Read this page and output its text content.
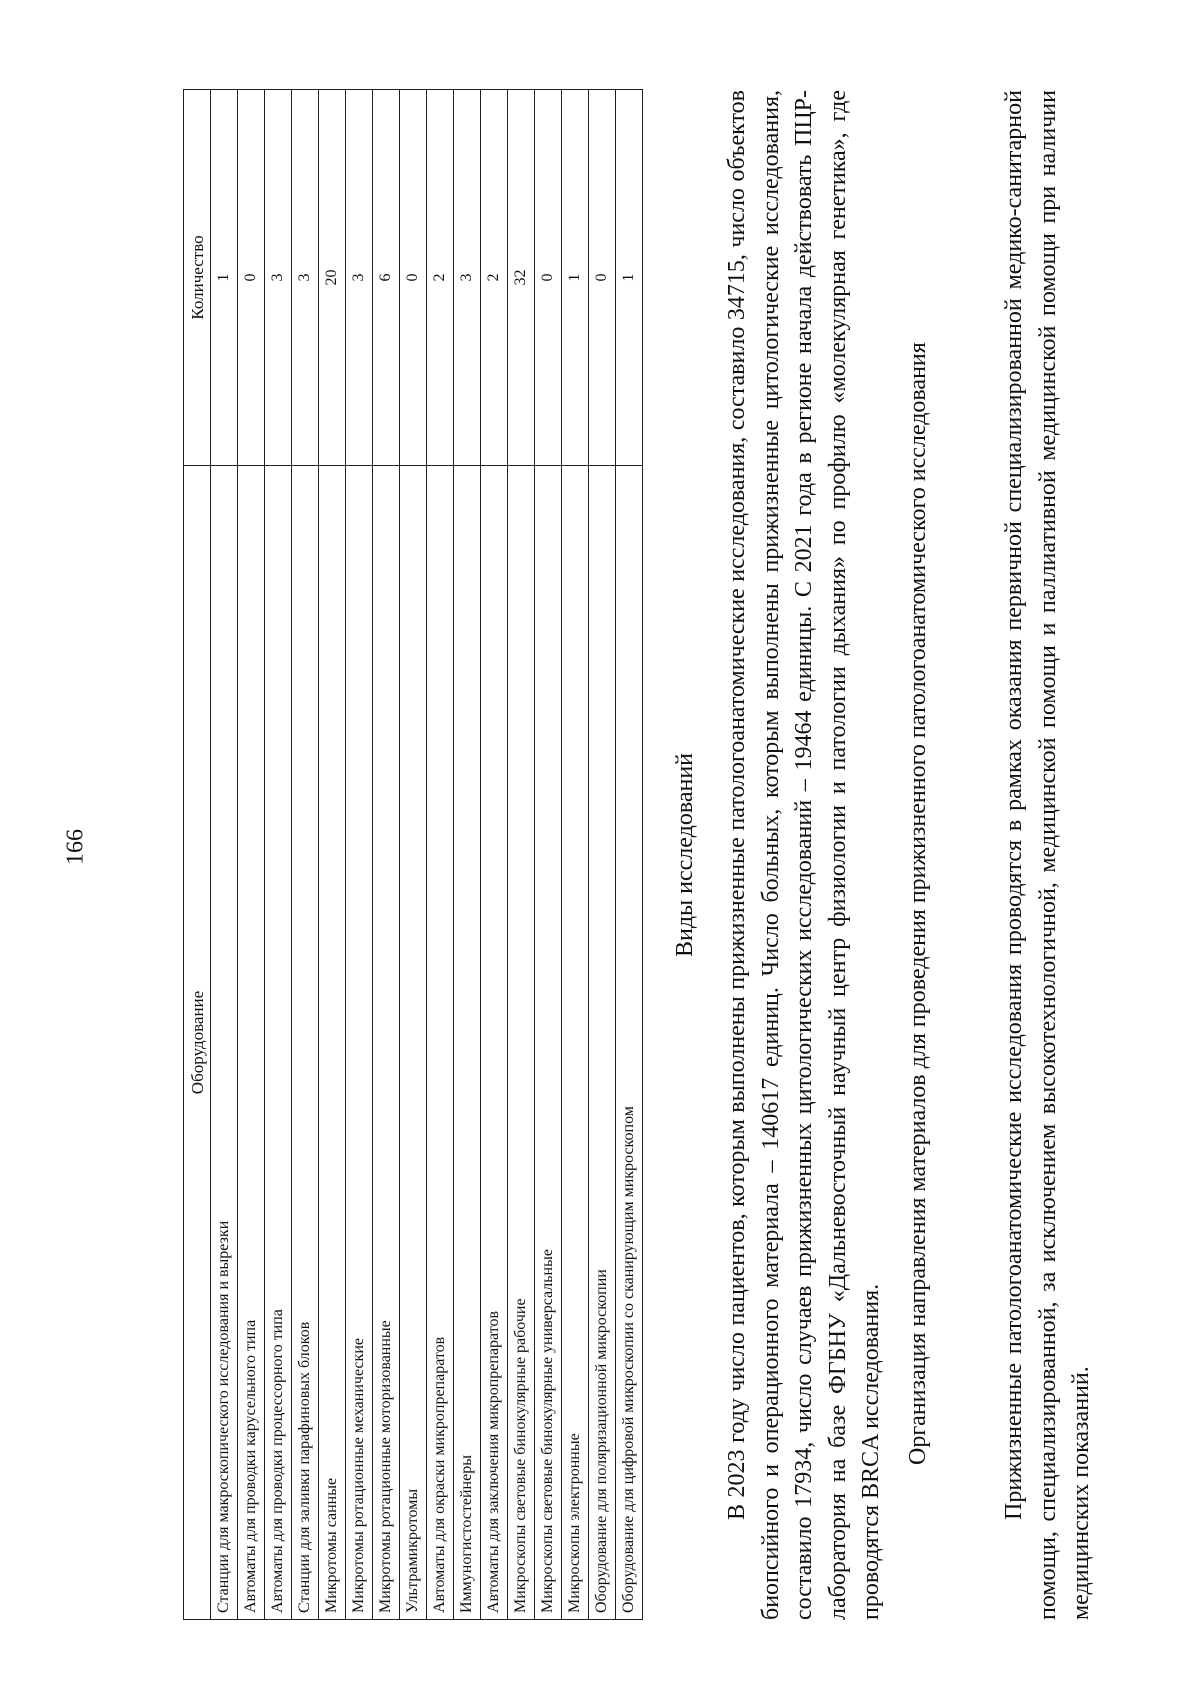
166
Оборудование	Количество
Станции для макроскопического исследования и вырезки	1
Автоматы для проводки карусельного типа	0
Автоматы для проводки процессорного типа	3
Станции для заливки парафиновых блоков	3
Микротомы санные	20
Микротомы ротационные механические	3
Микротомы ротационные моторизованные	6
Ультрамикротомы	0
Автоматы для окраски микропрепаратов	2
Иммуногистостейнеры	3
Автоматы для заключения микропрепаратов	2
Микроскопы световые бинокулярные рабочие	32
Микроскопы световые бинокулярные универсальные	0
Микроскопы электронные	1
Оборудование для поляризационной микроскопии	0
Оборудование для цифровой микроскопии со сканирующим микроскопом	1
Виды исследований В 2023 году число пациентов, которым выполнены прижизненные патологоанатомические исследования, составило 34715, число объектов биопсийного и операционного материала – 140617 единиц. Число больных, которым выполнены прижизненные цитологические исследования, составило 17934, число случаев прижизненных цитологических исследований – 19464 единицы. С 2021 года в регионе начала действовать ПЦР-лаборатория на базе ФГБНУ «Дальневосточный научный центр физиологии и патологии дыхания» по профилю «молекулярная генетика», где проводятся BRCA исследования. Организация направления материалов для проведения прижизненного патологоанатомического исследования	Прижизненные патологоанатомические исследования проводятся в рамках оказания первичной специализированной медико-санитарной помощи, специализированной, за исключением высокотехнологичной, медицинской помощи и паллиативной медицинской помощи при наличии медицинских показаний.
